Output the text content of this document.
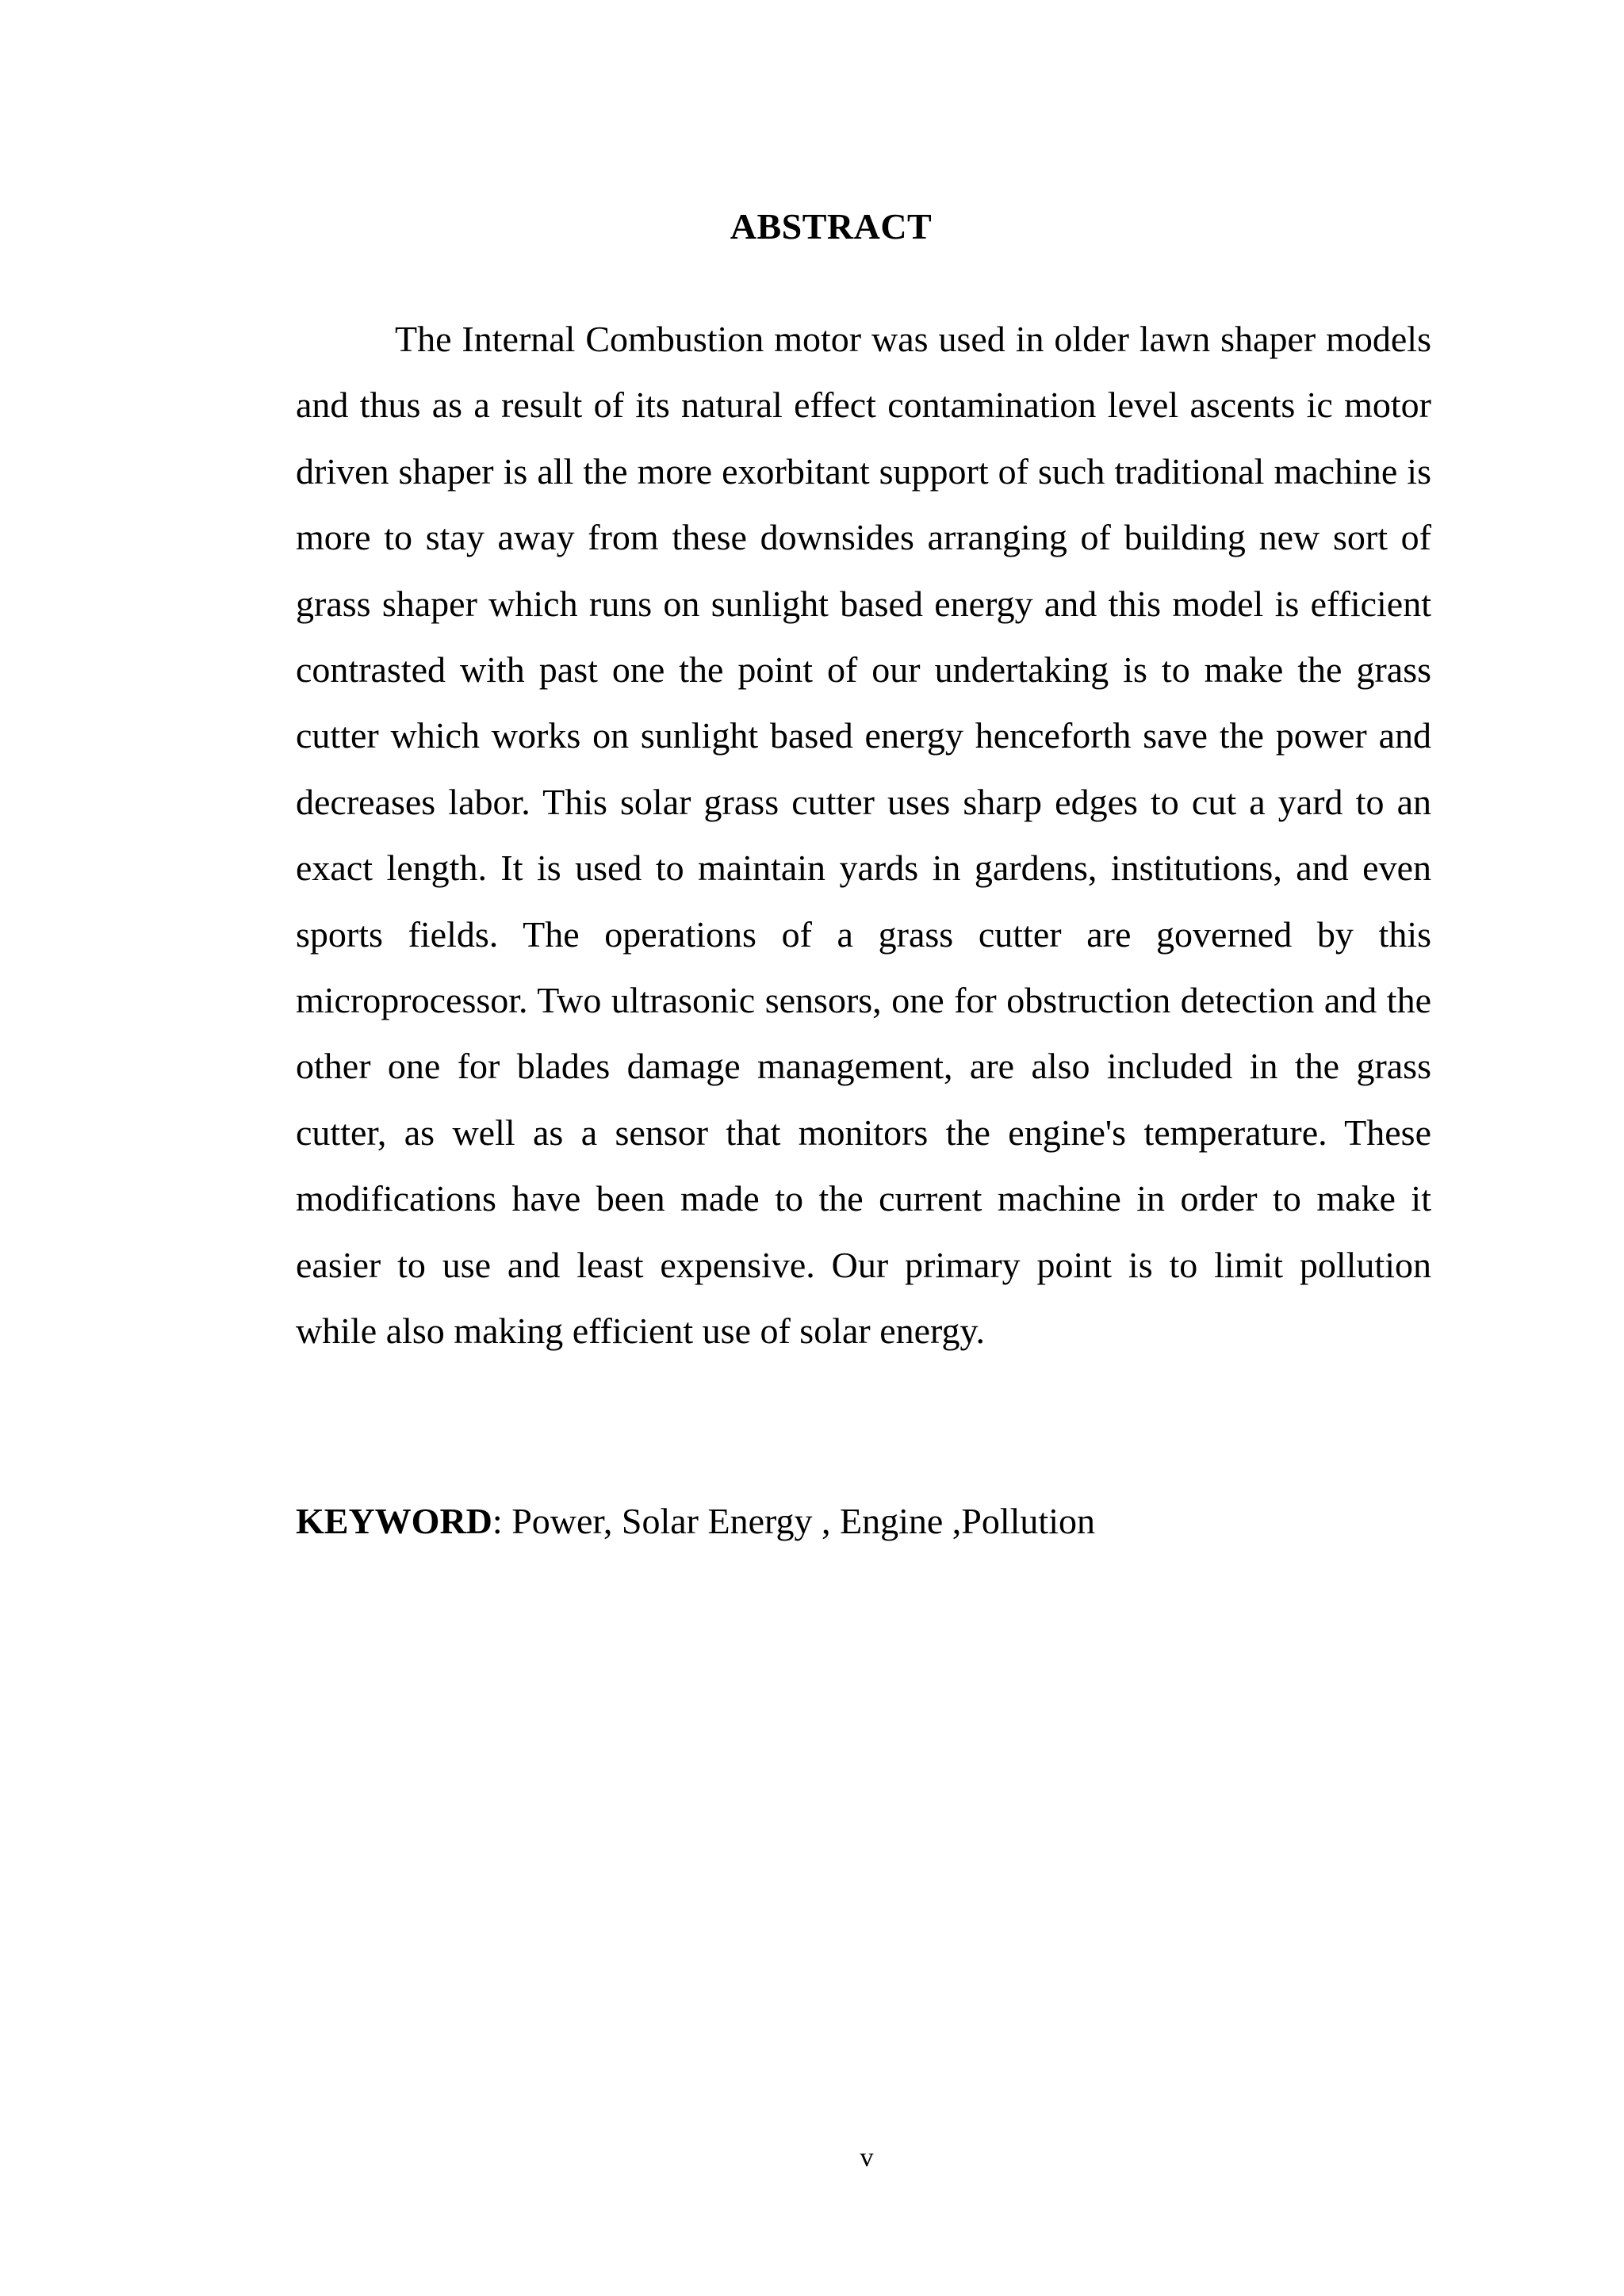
ABSTRACT

The Internal Combustion motor was used in older lawn shaper models and thus as a result of its natural effect contamination level ascents ic motor driven shaper is all the more exorbitant support of such traditional machine is more to stay away from these downsides arranging of building new sort of grass shaper which runs on sunlight based energy and this model is efficient contrasted with past one the point of our undertaking is to make the grass cutter which works on sunlight based energy henceforth save the power and decreases labor. This solar grass cutter uses sharp edges to cut a yard to an exact length. It is used to maintain yards in gardens, institutions, and even sports fields. The operations of a grass cutter are governed by this microprocessor. Two ultrasonic sensors, one for obstruction detection and the other one for blades damage management, are also included in the grass cutter, as well as a sensor that monitors the engine's temperature. These modifications have been made to the current machine in order to make it easier to use and least expensive. Our primary point is to limit pollution while also making efficient use of solar energy.

KEYWORD: Power, Solar Energy , Engine ,Pollution

v
